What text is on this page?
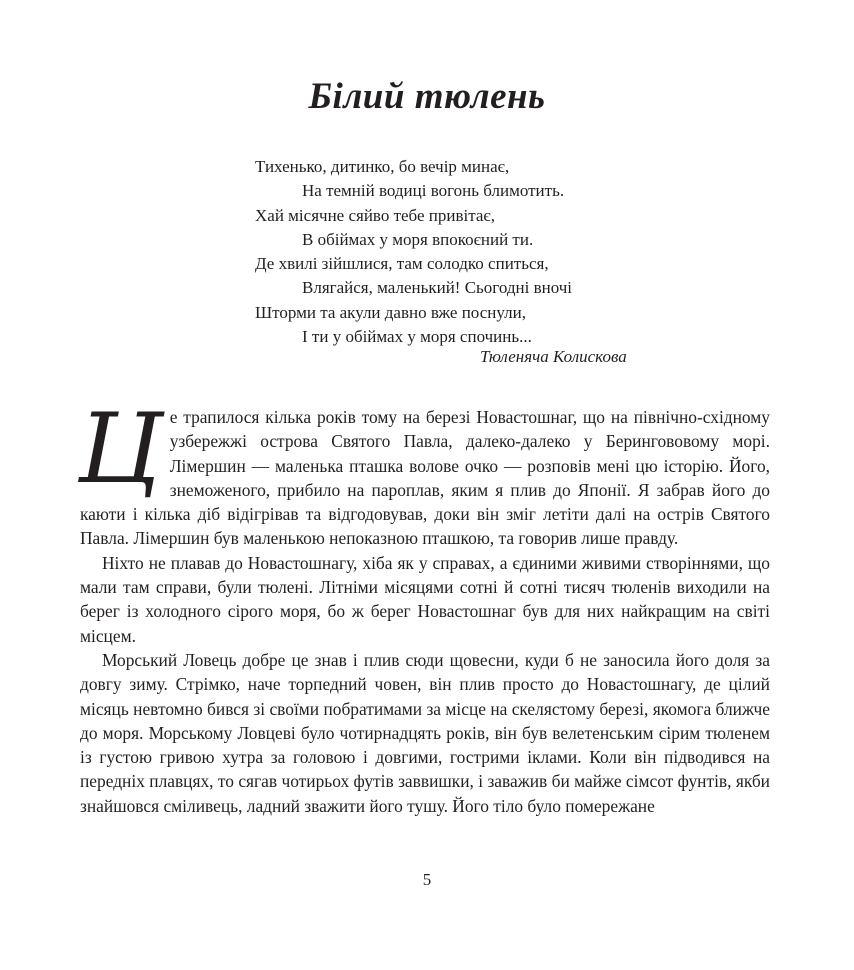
Білий тюлень
Тихенько, дитинко, бо вечір минає,
На темній водиці вогонь блимотить.
Хай місячне сяйво тебе привітає,
В обіймах у моря впокоєний ти.
Де хвилі зійшлися, там солодко спиться,
Влягайся, маленький! Сьогодні вночі
Шторми та акули давно вже поснули,
І ти у обіймах у моря спочинь...
Тюленяча Колискова

Це трапилося кілька років тому на березі Новастошнаг, що на північно-східному узбережжі острова Святого Павла, далеко-далеко у Берингововому морі. Лімершин — маленька пташка волове очко — розповів мені цю історію. Його, знеможеного, прибило на пароплав, яким я плив до Японії. Я забрав його до каюти і кілька діб відігрівав та відгодовував, доки він зміг летіти далі на острів Святого Павла. Лімершин був маленькою непоказною пташкою, та говорив лише правду.

Ніхто не плавав до Новастошнагу, хіба як у справах, а єдиними живими створіннями, що мали там справи, були тюлені. Літніми місяцями сотні й сотні тисяч тюленів виходили на берег із холодного сірого моря, бо ж берег Новастошнаг був для них найкращим на світі місцем.

Морський Ловець добре це знав і плив сюди щовесни, куди б не заносила його доля за довгу зиму. Стрімко, наче торпедний човен, він плив просто до Новастошнагу, де цілий місяць невтомно бився зі своїми побратимами за місце на скелястому березі, якомога ближче до моря. Морському Ловцеві було чотирнадцять років, він був велетенським сірим тюленем із густою гривою хутра за головою і довгими, гострими іклами. Коли він підводився на передніх плавцях, то сягав чотирьох футів заввишки, і заважив би майже сімсот фунтів, якби знайшовся сміливець, ладний зважити його тушу. Його тіло було помережане

5
